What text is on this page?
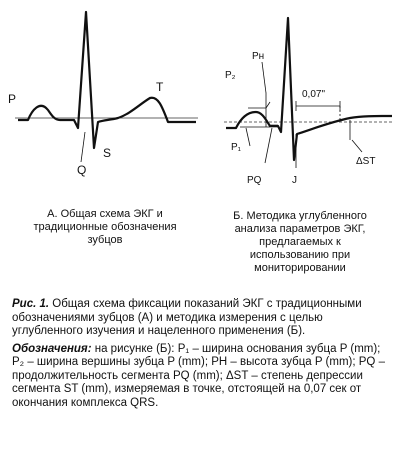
P
Q
S
T
Pн
P₂
P₁
PQ	J
0,07"
ΔST
А. Общая схема ЭКГ и
традиционные обозначения
зубцов
Б. Методика углубленного
анализа параметров ЭКГ,
предлагаемых к
использованию при
мониторировании

Рис. 1. Общая схема фиксации показаний ЭКГ с традиционными обозначениями зубцов (А) и методика измерения с целью углубленного изучения и нацеленного применения (Б).

Обозначения: на рисунке (Б): P₁ – ширина основания зубца P (mm); P₂ – ширина вершины зубца P (mm); PH – высота зубца P (mm); PQ – продолжительность сегмента PQ (mm); ΔST – степень депрессии сегмента ST (mm), измеряемая в точке, отстоящей на 0,07 сек от окончания комплекса QRS.
